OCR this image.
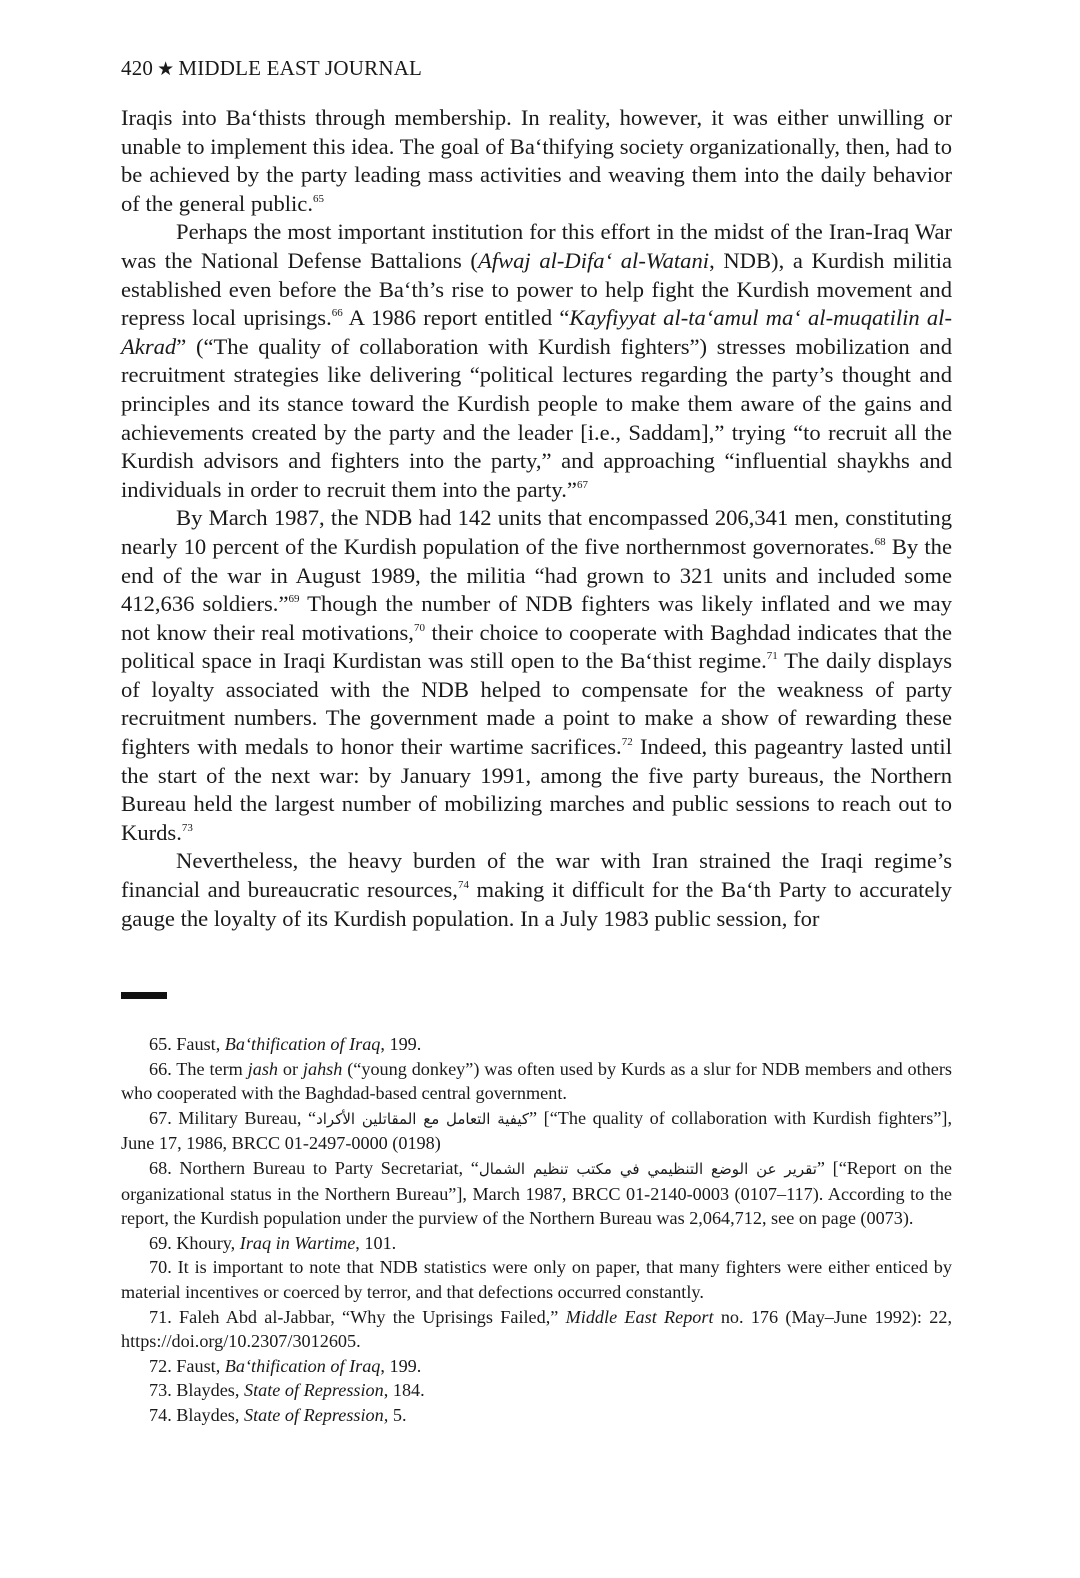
420 ★ MIDDLE EAST JOURNAL

Iraqis into Ba‘thists through membership. In reality, however, it was either unwilling or unable to implement this idea. The goal of Ba‘thifying society organizationally, then, had to be achieved by the party leading mass activities and weaving them into the daily behavior of the general public.$^{65}$

Perhaps the most important institution for this effort in the midst of the Iran-Iraq War was the National Defense Battalions (Afwaj al-Difa‘ al-Watani, NDB), a Kurdish militia established even before the Ba‘th’s rise to power to help fight the Kurdish movement and repress local uprisings.$^{66}$ A 1986 report entitled “Kayfiyyat al-ta‘amul ma‘ al-muqatilin al-Akrad” (“The quality of collaboration with Kurdish fighters”) stresses mobilization and recruitment strategies like delivering “political lectures regarding the party’s thought and principles and its stance toward the Kurdish people to make them aware of the gains and achievements created by the party and the leader [i.e., Saddam],” trying “to recruit all the Kurdish advisors and fighters into the party,” and approaching “influential shaykhs and individuals in order to recruit them into the party.”$^{67}$

By March 1987, the NDB had 142 units that encompassed 206,341 men, constituting nearly 10 percent of the Kurdish population of the five northernmost governorates.$^{68}$ By the end of the war in August 1989, the militia “had grown to 321 units and included some 412,636 soldiers.”$^{69}$ Though the number of NDB fighters was likely inflated and we may not know their real motivations,$^{70}$ their choice to cooperate with Baghdad indicates that the political space in Iraqi Kurdistan was still open to the Ba‘thist regime.$^{71}$ The daily displays of loyalty associated with the NDB helped to compensate for the weakness of party recruitment numbers. The government made a point to make a show of rewarding these fighters with medals to honor their wartime sacrifices.$^{72}$ Indeed, this pageantry lasted until the start of the next war: by January 1991, among the five party bureaus, the Northern Bureau held the largest number of mobilizing marches and public sessions to reach out to Kurds.$^{73}$

Nevertheless, the heavy burden of the war with Iran strained the Iraqi regime’s financial and bureaucratic resources,$^{74}$ making it difficult for the Ba‘th Party to accurately gauge the loyalty of its Kurdish population. In a July 1983 public session, for

65. Faust, Ba‘thification of Iraq, 199.

66. The term jash or jahsh (“young donkey”) was often used by Kurds as a slur for NDB members and others who cooperated with the Baghdad-based central government.

67. Military Bureau, “كيفية التعامل مع المقاتلين الأكراد” [“The quality of collaboration with Kurdish fighters”], June 17, 1986, BRCC 01-2497-0000 (0198)

68. Northern Bureau to Party Secretariat, “تقرير عن الوضع التنظيمي في مكتب تنظيم الشمال” [“Report on the organizational status in the Northern Bureau”], March 1987, BRCC 01-2140-0003 (0107–117). According to the report, the Kurdish population under the purview of the Northern Bureau was 2,064,712, see on page (0073).

69. Khoury, Iraq in Wartime, 101.

70. It is important to note that NDB statistics were only on paper, that many fighters were either enticed by material incentives or coerced by terror, and that defections occurred constantly.

71. Faleh Abd al-Jabbar, “Why the Uprisings Failed,” Middle East Report no. 176 (May–June 1992): 22, https://doi.org/10.2307/3012605.

72. Faust, Ba‘thification of Iraq, 199.

73. Blaydes, State of Repression, 184.

74. Blaydes, State of Repression, 5.
